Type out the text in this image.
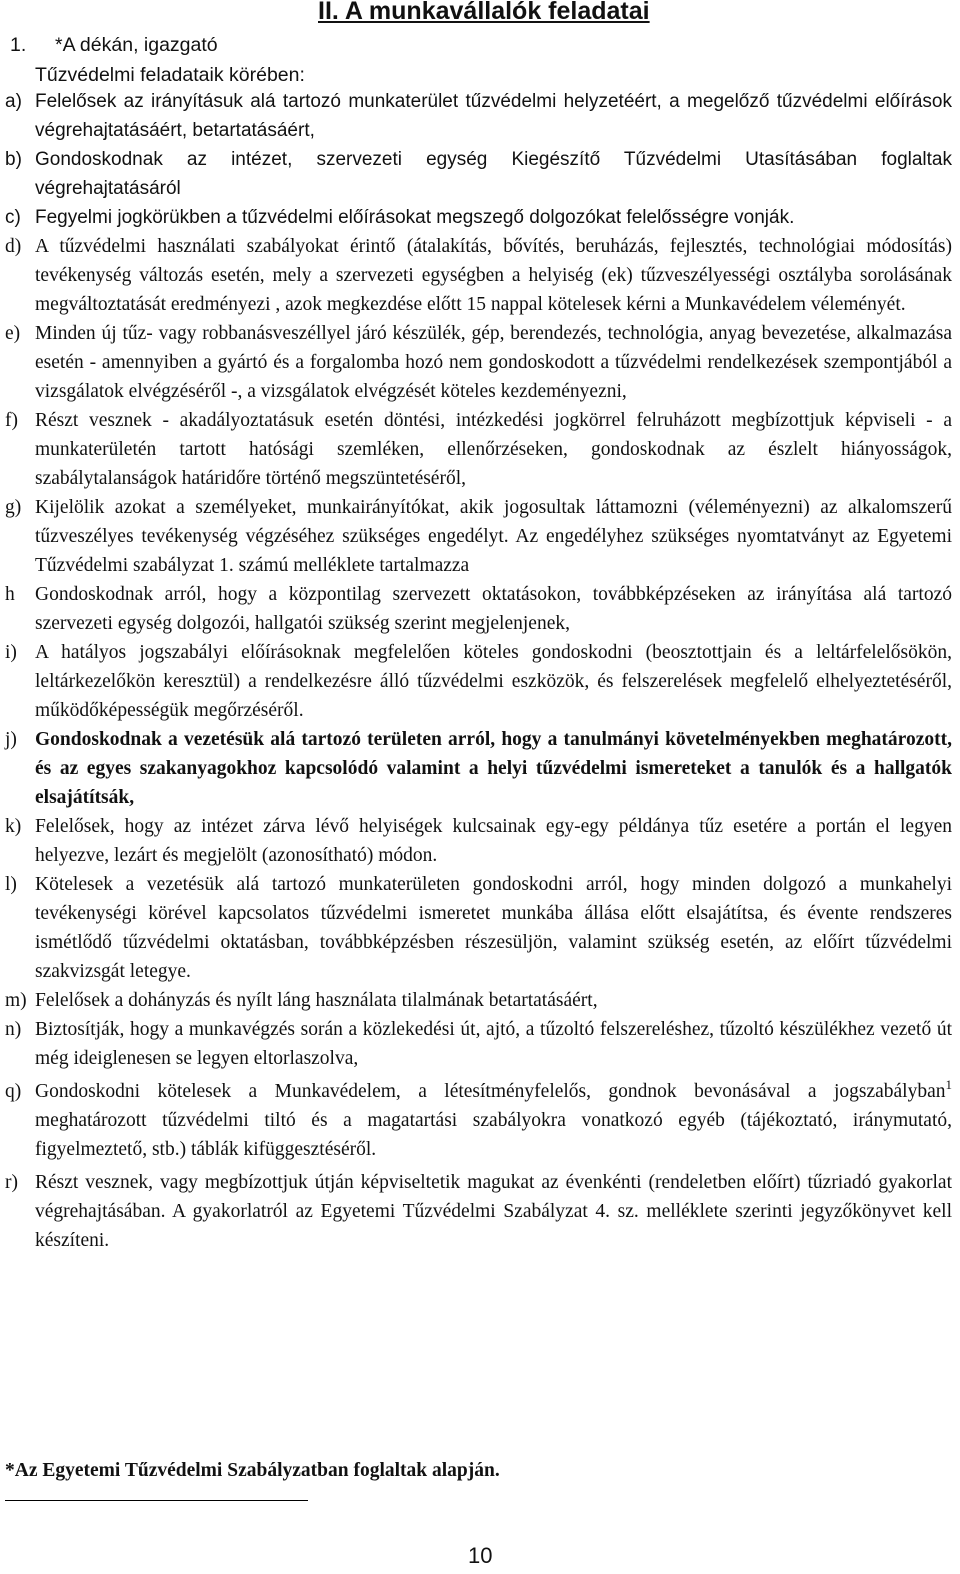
II. A munkavállalók feladatai
1. *A dékán, igazgató
Tűzvédelmi feladataik körében:
a) Felelősek az irányításuk alá tartozó munkaterület tűzvédelmi helyzetéért, a megelőző tűzvédelmi előírások végrehajtatásáért, betartatásáért,
b) Gondoskodnak az intézet, szervezeti egység Kiegészítő Tűzvédelmi Utasításában foglaltak végrehajtatásáról
c) Fegyelmi jogkörükben a tűzvédelmi előírásokat megszegő dolgozókat felelősségre vonják.
d) A tűzvédelmi használati szabályokat érintő (átalakítás, bővítés, beruházás, fejlesztés, technológiai módosítás) tevékenység változás esetén, mely a szervezeti egységben a helyiség (ek) tűzveszélyességi osztályba sorolásának megváltoztatását eredményezi , azok megkezdése előtt 15 nappal kötelesek kérni a Munkavédelem véleményét.
e) Minden új tűz- vagy robbanásveszéllyel járó készülék, gép, berendezés, technológia, anyag bevezetése, alkalmazása esetén - amennyiben a gyártó és a forgalomba hozó nem gondoskodott a tűzvédelmi rendelkezések szempontjából a vizsgálatok elvégzéséről -, a vizsgálatok elvégzését köteles kezdeményezni,
f) Részt vesznek - akadályoztatásuk esetén döntési, intézkedési jogkörrel felruházott megbízottjuk képviseli - a munkaterületén tartott hatósági szemléken, ellenőrzéseken, gondoskodnak az észlelt hiányosságok, szabálytalanságok határidőre történő megszüntetéséről,
g) Kijelölik azokat a személyeket, munkairányítókat, akik jogosultak láttamozni (véleményezni) az alkalomszerű tűzveszélyes tevékenység végzéséhez szükséges engedélyt. Az engedélyhez szükséges nyomtatványt az Egyetemi Tűzvédelmi szabályzat 1. számú melléklete tartalmazza
h Gondoskodnak arról, hogy a központilag szervezett oktatásokon, továbbképzéseken az irányítása alá tartozó szervezeti egység dolgozói, hallgatói szükség szerint megjelenjenek,
i) A hatályos jogszabályi előírásoknak megfelelően köteles gondoskodni (beosztottjain és a leltárfelelősökön, leltárkezelőkön keresztül) a rendelkezésre álló tűzvédelmi eszközök, és felszerelések megfelelő elhelyeztetéséről, működőképességük megőrzéséről.
j) Gondoskodnak a vezetésük alá tartozó területen arról, hogy a tanulmányi követelményekben meghatározott, és az egyes szakanyagokhoz kapcsolódó valamint a helyi tűzvédelmi ismereteket a tanulók és a hallgatók elsajátítsák,
k) Felelősek, hogy az intézet zárva lévő helyiségek kulcsainak egy-egy példánya tűz esetére a portán el legyen helyezve, lezárt és megjelölt (azonosítható) módon.
l) Kötelesek a vezetésük alá tartozó munkaterületen gondoskodni arról, hogy minden dolgozó a munkahelyi tevékenységi körével kapcsolatos tűzvédelmi ismeretet munkába állása előtt elsajátítsa, és évente rendszeres ismétlődő tűzvédelmi oktatásban, továbbképzésben részesüljön, valamint szükség esetén, az előírt tűzvédelmi szakvizsgát letegye.
m) Felelősek a dohányzás és nyílt láng használata tilalmának betartatásáért,
n) Biztosítják, hogy a munkavégzés során a közlekedési út, ajtó, a tűzoltó felszereléshez, tűzoltó készülékhez vezető út még ideiglenesen se legyen eltorlaszolva,
q) Gondoskodni kötelesek a Munkavédelem, a létesítményfelelős, gondnok bevonásával a jogszabályban$^1$ meghatározott tűzvédelmi tiltó és a magatartási szabályokra vonatkozó egyéb (tájékoztató, iránymutató, figyelmeztető, stb.) táblák kifüggesztéséről.
r) Részt vesznek, vagy megbízottjuk útján képviseltetik magukat az évenkénti (rendeletben előírt) tűzriadó gyakorlat végrehajtásában. A gyakorlatról az Egyetemi Tűzvédelmi Szabályzat 4. sz. melléklete szerinti jegyzőkönyvet kell készíteni.
*Az Egyetemi Tűzvédelmi Szabályzatban foglaltak alapján.
10
